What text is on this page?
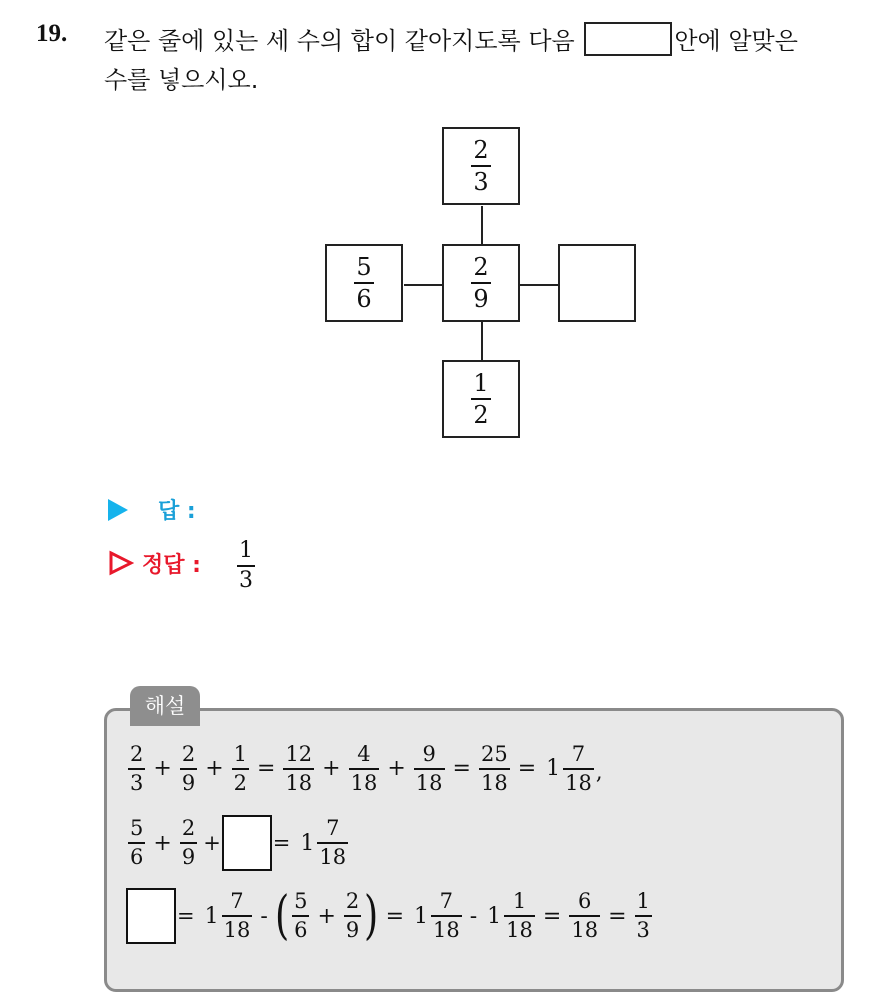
19. 같은 줄에 있는 세 수의 합이 같아지도록 다음	안에 알맞은
수를 넣으시오.
$\frac{2}{3}$
$\frac{5}{6}$	$\frac{2}{9}$
$\frac{1}{2}$
답 :
정답 : $\frac{1}{3}$
해설
$\frac{2}{3} + \frac{2}{9} + \frac{1}{2} = \frac{12}{18} + \frac{4}{18} + \frac{9}{18} = \frac{25}{18} = 1 \frac{7}{18}$ ,
$\frac{5}{6} + \frac{2}{9}$ + = $1 \frac{7}{18}$
= $1 \frac{7}{18}$ - ( $\frac{5}{6} + \frac{2}{9}$ ) = $1 \frac{7}{18} - 1 \frac{1}{18} = \frac{6}{18} = \frac{1}{3}$
